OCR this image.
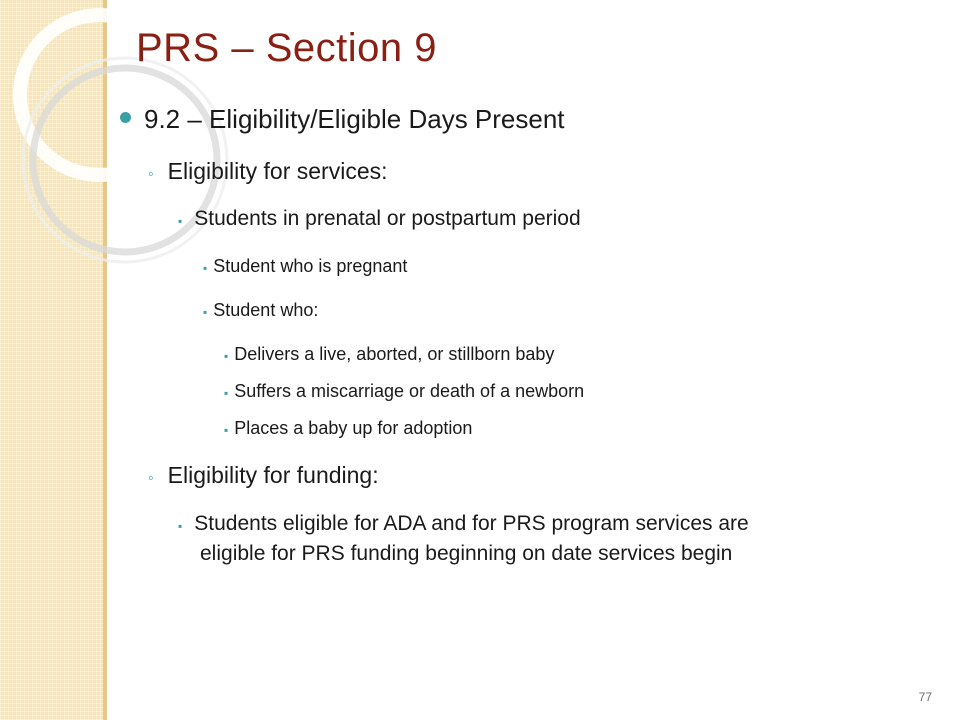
PRS – Section 9
9.2 – Eligibility/Eligible Days Present
◦ Eligibility for services:
▪ Students in prenatal or postpartum period
▪ Student who is pregnant
▪ Student who:
▪ Delivers a live, aborted, or stillborn baby
▪ Suffers a miscarriage or death of a newborn
▪ Places a baby up for adoption
◦ Eligibility for funding:
▪ Students eligible for ADA and for PRS program services are
eligible for PRS funding beginning on date services begin
77
